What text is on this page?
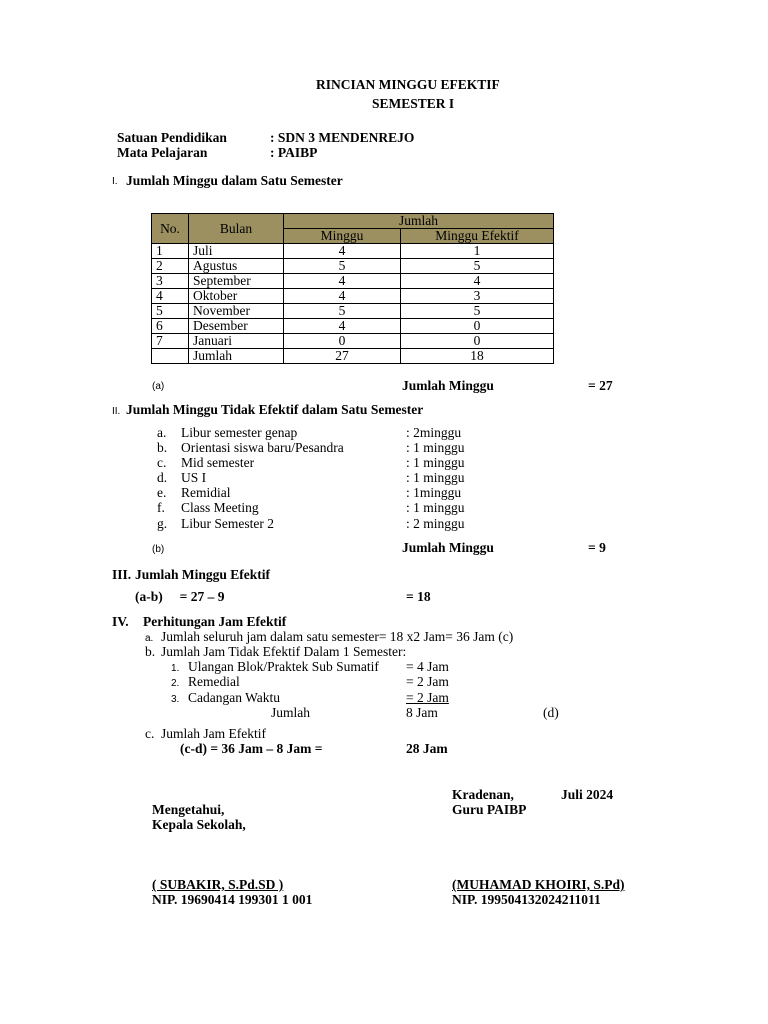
RINCIAN MINGGU EFEKTIF
SEMESTER I
Satuan Pendidikan	: SDN 3 MENDENREJO
Mata Pelajaran	: PAIBP
I. Jumlah Minggu dalam Satu Semester
No.	Bulan	Jumlah	
		Minggu	Minggu Efektif
1	Juli	4	1
2	Agustus	5	5
3	September	4	4
4	Oktober	4	3
5	November	5	5
6	Desember	4	0
7	Januari	0	0
	Jumlah	27	18
(a)	Jumlah Minggu	= 27
II. Jumlah Minggu Tidak Efektif dalam Satu Semester
a. Libur semester genap	: 2minggu
b. Orientasi siswa baru/Pesandra	: 1 minggu
c. Mid semester	: 1 minggu
d. US I	: 1 minggu
e. Remidial	: 1minggu
f. Class Meeting	: 1 minggu
g. Libur Semester 2	: 2 minggu
(b)	Jumlah Minggu	= 9
III. Jumlah Minggu Efektif
(a-b)     = 27 – 9	= 18
IV. Perhitungan Jam Efektif
a. Jumlah seluruh jam dalam satu semester= 18 x2 Jam= 36 Jam (c)
b. Jumlah Jam Tidak Efektif Dalam 1 Semester:
1. Ulangan Blok/Praktek Sub Sumatif = 4 Jam
2. Remedial	= 2 Jam
3. Cadangan Waktu	= 2 Jam
Jumlah	8 Jam	(d)
c. Jumlah Jam Efektif
(c-d) = 36 Jam – 8 Jam =	28 Jam
Kradenan,	Juli 2024
Mengetahui,	Guru PAIBP
Kepala Sekolah,
( SUBAKIR, S.Pd.SD )
NIP. 19690414 199301 1 001
(MUHAMAD KHOIRI, S.Pd)
NIP. 199504132024211011
